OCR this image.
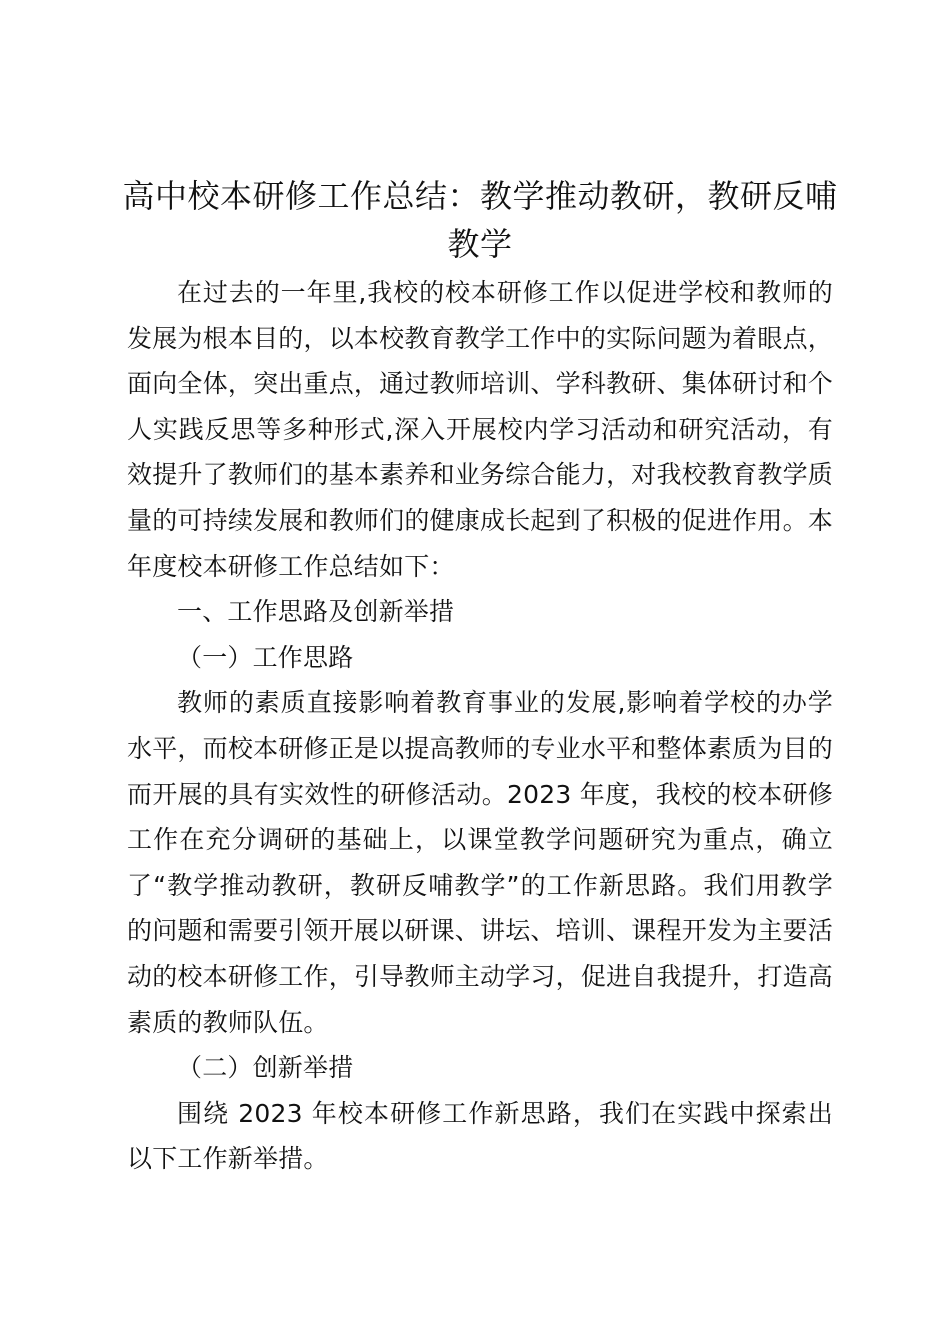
高中校本研修工作总结：教学推动教研，教研反哺教学

在过去的一年里,我校的校本研修工作以促进学校和教师的发展为根本目的，以本校教育教学工作中的实际问题为着眼点，面向全体，突出重点，通过教师培训、学科教研、集体研讨和个人实践反思等多种形式,深入开展校内学习活动和研究活动，有效提升了教师们的基本素养和业务综合能力，对我校教育教学质量的可持续发展和教师们的健康成长起到了积极的促进作用。本年度校本研修工作总结如下：

一、工作思路及创新举措

（一）工作思路

教师的素质直接影响着教育事业的发展,影响着学校的办学水平，而校本研修正是以提高教师的专业水平和整体素质为目的而开展的具有实效性的研修活动。2023 年度，我校的校本研修工作在充分调研的基础上，以课堂教学问题研究为重点，确立了“教学推动教研，教研反哺教学”的工作新思路。我们用教学的问题和需要引领开展以研课、讲坛、培训、课程开发为主要活动的校本研修工作，引导教师主动学习，促进自我提升，打造高素质的教师队伍。

（二）创新举措

围绕 2023 年校本研修工作新思路，我们在实践中探索出以下工作新举措。
